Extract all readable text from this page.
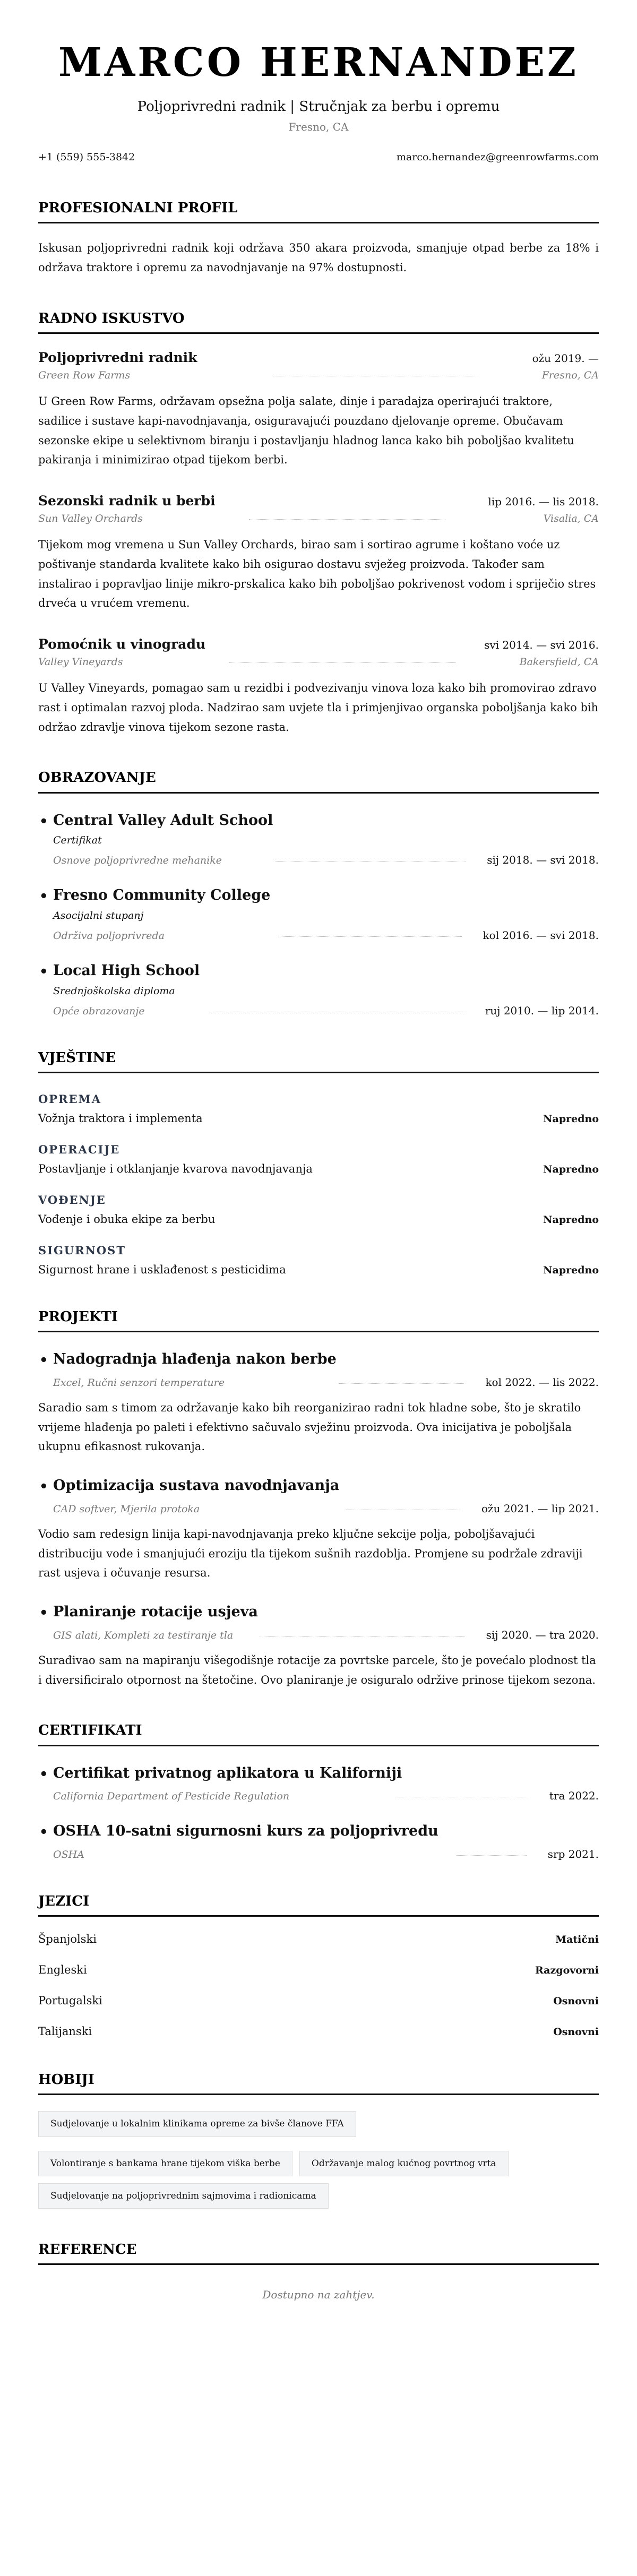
MARCO HERNANDEZ
Poljoprivredni radnik | Stručnjak za berbu i opremu
Fresno, CA
+1 (559) 555-3842	marco.hernandez@greenrowfarms.com
PROFESIONALNI PROFIL

Iskusan poljoprivredni radnik koji održava 350 akara proizvoda, smanjuje otpad berbe za 18% i održava traktore i opremu za navodnjavanje na 97% dostupnosti.

RADNO ISKUSTVO
Poljoprivredni radnik	ožu 2019. —
Green Row Farms	Fresno, CA

U Green Row Farms, održavam opsežna polja salate, dinje i paradajza operirajući traktore, sadilice i sustave kapi-navodnjavanja, osiguravajući pouzdano djelovanje opreme. Obučavam sezonske ekipe u selektivnom biranju i postavljanju hladnog lanca kako bih poboljšao kvalitetu pakiranja i minimizirao otpad tijekom berbi.

Sezonski radnik u berbi	lip 2016. — lis 2018.
Sun Valley Orchards	Visalia, CA

Tijekom mog vremena u Sun Valley Orchards, birao sam i sortirao agrume i koštano voće uz poštivanje standarda kvalitete kako bih osigurao dostavu svježeg proizvoda. Također sam instalirao i popravljao linije mikro-prskalica kako bih poboljšao pokrivenost vodom i spriječio stres drveća u vrućem vremenu.

Pomoćnik u vinogradu	svi 2014. — svi 2016.
Valley Vineyards	Bakersfield, CA

U Valley Vineyards, pomagao sam u rezidbi i podvezivanju vinova loza kako bih promovirao zdravo rast i optimalan razvoj ploda. Nadzirao sam uvjete tla i primjenjivao organska poboljšanja kako bih održao zdravlje vinova tijekom sezone rasta.

OBRAZOVANJE
• Central Valley Adult School
Certifikat
Osnove poljoprivredne mehanike	sij 2018. — svi 2018.
• Fresno Community College
Asocijalni stupanj
Održiva poljoprivreda	kol 2016. — svi 2018.
• Local High School
Srednjoškolska diploma
Opće obrazovanje	ruj 2010. — lip 2014.
VJEŠTINE
OPREMA
Vožnja traktora i implementa	Napredno
OPERACIJE
Postavljanje i otklanjanje kvarova navodnjavanja	Napredno
VOĐENJE
Vođenje i obuka ekipe za berbu	Napredno
SIGURNOST
Sigurnost hrane i usklađenost s pesticidima	Napredno
PROJEKTI
• Nadogradnja hlađenja nakon berbe
Excel, Ručni senzori temperature	kol 2022. — lis 2022.

Saradio sam s timom za održavanje kako bih reorganizirao radni tok hladne sobe, što je skratilo vrijeme hlađenja po paleti i efektivno sačuvalo svježinu proizvoda. Ova inicijativa je poboljšala ukupnu efikasnost rukovanja.

• Optimizacija sustava navodnjavanja
CAD softver, Mjerila protoka	ožu 2021. — lip 2021.

Vodio sam redesign linija kapi-navodnjavanja preko ključne sekcije polja, poboljšavajući distribuciju vode i smanjujući eroziju tla tijekom sušnih razdoblja. Promjene su podržale zdraviji rast usjeva i očuvanje resursa.

• Planiranje rotacije usjeva
GIS alati, Kompleti za testiranje tla	sij 2020. — tra 2020.

Surađivao sam na mapiranju višegodišnje rotacije za povrtske parcele, što je povećalo plodnost tla i diversificiralo otpornost na štetočine. Ovo planiranje je osiguralo održive prinose tijekom sezona.

CERTIFIKATI
• Certifikat privatnog aplikatora u Kaliforniji
California Department of Pesticide Regulation	tra 2022.
• OSHA 10-satni sigurnosni kurs za poljoprivredu
OSHA	srp 2021.
JEZICI
Španjolski	Matični
Engleski	Razgovorni
Portugalski	Osnovni
Talijanski	Osnovni
HOBIJI
Sudjelovanje u lokalnim klinikama opreme za bivše članove FFA
Volontiranje s bankama hrane tijekom viška berbe	Održavanje malog kućnog povrtnog vrta
Sudjelovanje na poljoprivrednim sajmovima i radionicama
REFERENCE
Dostupno na zahtjev.
